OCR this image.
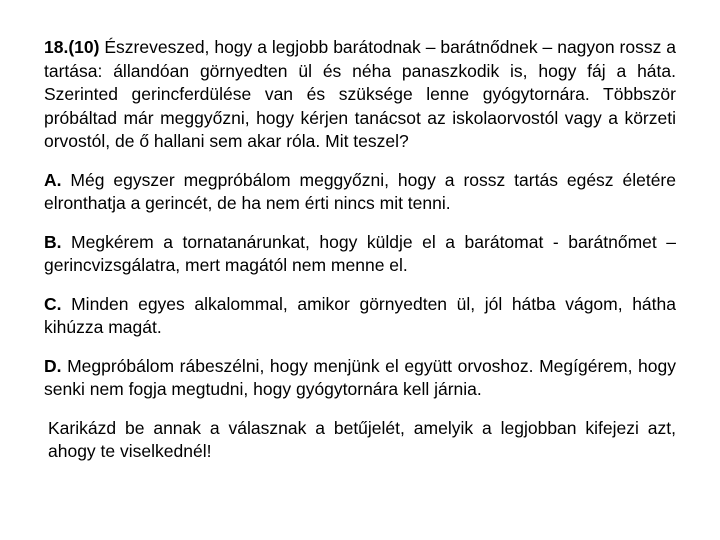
18.(10) Észreveszed, hogy a legjobb barátodnak – barátnődnek – nagyon rossz a tartása: állandóan görnyedten ül és néha panaszkodik is, hogy fáj a háta. Szerinted gerincferdülése van és szüksége lenne gyógytornára. Többször próbáltad már meggyőzni, hogy kérjen tanácsot az iskolaorvostól vagy a körzeti orvostól, de ő hallani sem akar róla. Mit teszel?

A. Még egyszer megpróbálom meggyőzni, hogy a rossz tartás egész életére elronthatja a gerincét, de ha nem érti nincs mit tenni.

B. Megkérem a tornatanárunkat, hogy küldje el a barátomat - barátnőmet – gerincvizsgálatra, mert magától nem menne el.

C. Minden egyes alkalommal, amikor görnyedten ül, jól hátba vágom, hátha kihúzza magát.

D. Megpróbálom rábeszélni, hogy menjünk el együtt orvoshoz. Megígérem, hogy senki nem fogja megtudni, hogy gyógytornára kell járnia.

Karikázd be annak a válasznak a betűjelét, amelyik a legjobban kifejezi azt, ahogy te viselkednél!
